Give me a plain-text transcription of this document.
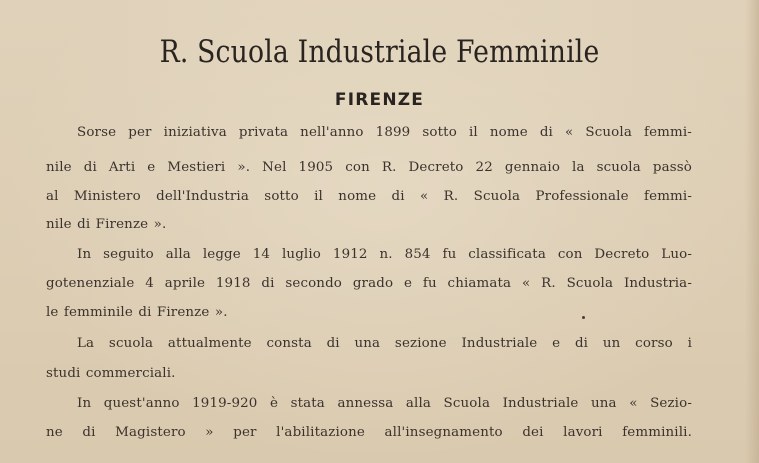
R. Scuola Industriale Femminile
FIRENZE
Sorse per iniziativa privata nell'anno 1899 sotto il nome di « Scuola femmi-
nile di Arti e Mestieri ». Nel 1905 con R. Decreto 22 gennaio la scuola passò
al Ministero dell'Industria sotto il nome di « R. Scuola Professionale femmi-
nile di Firenze ».
In seguito alla legge 14 luglio 1912 n. 854 fu classificata con Decreto Luo-
gotenenziale 4 aprile 1918 di secondo grado e fu chiamata « R. Scuola Industria-
le femminile di Firenze ».
La scuola attualmente consta di una sezione Industriale e di un corso i
studi commerciali.
In quest'anno 1919-920 è stata annessa alla Scuola Industriale una « Sezio-
ne di Magistero » per l'abilitazione all'insegnamento dei lavori femminili.
